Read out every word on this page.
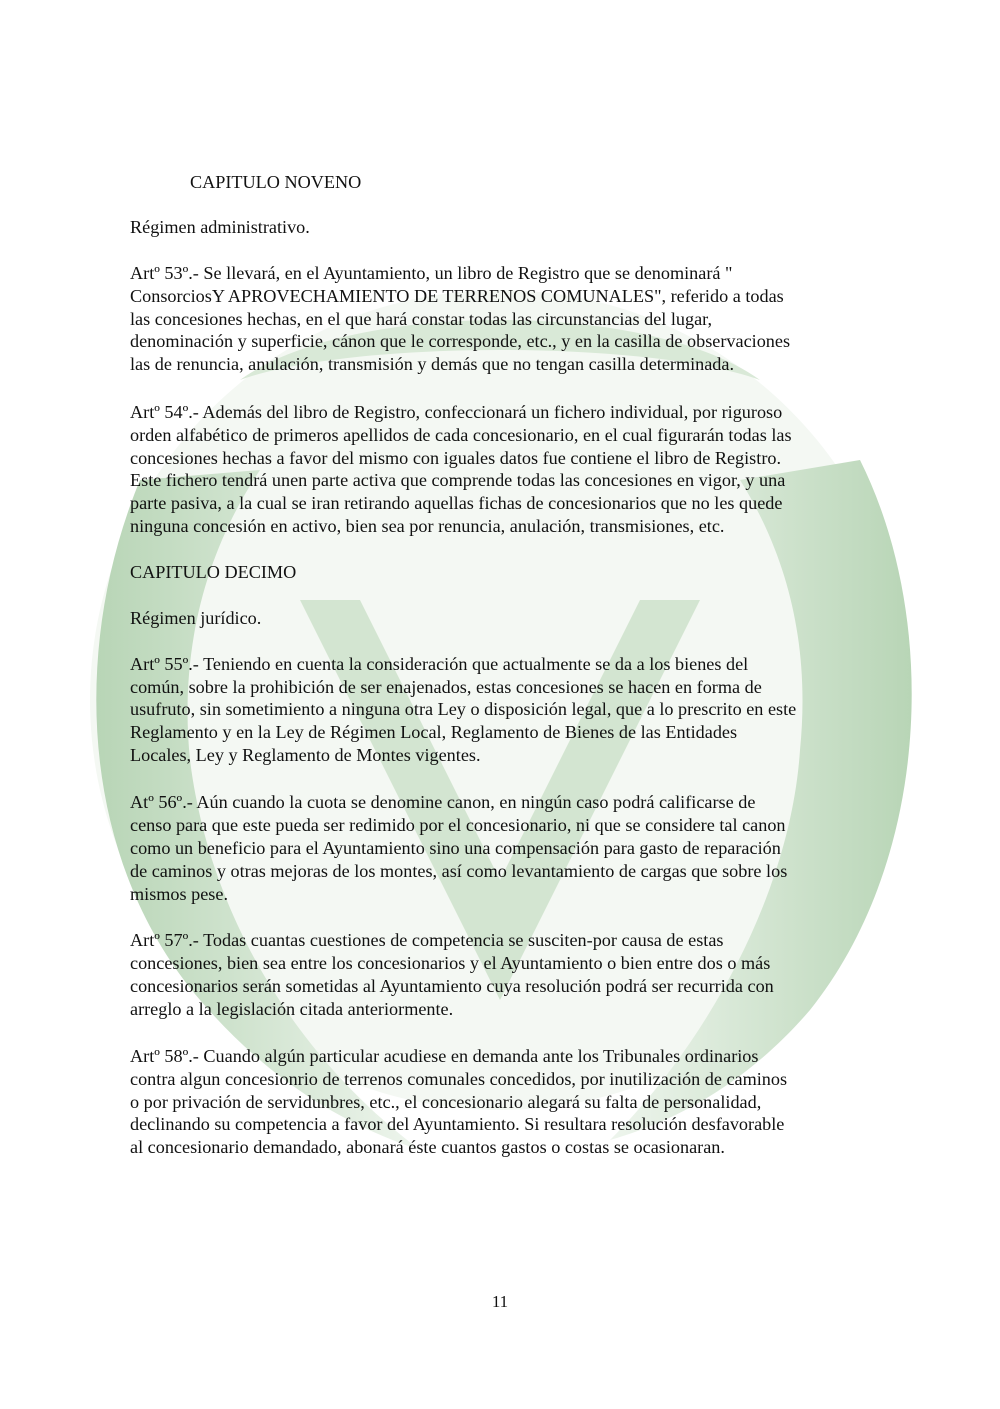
CAPITULO NOVENO
Régimen administrativo.
Artº 53º.- Se llevará, en el Ayuntamiento, un libro de Registro que se denominará "
ConsorciosY APROVECHAMIENTO DE TERRENOS COMUNALES", referido a todas
las concesiones hechas, en el que hará constar todas las circunstancias del lugar,
denominación y superficie, cánon que le corresponde, etc., y en la casilla de observaciones
las de renuncia, anulación, transmisión y demás que no tengan casilla determinada.
Artº 54º.- Además del libro de Registro, confeccionará un fichero individual, por riguroso
orden alfabético de primeros apellidos de cada concesionario, en el cual figurarán todas las
concesiones hechas a favor del mismo con iguales datos fue contiene el libro de Registro.
Este fichero tendrá unen parte activa que comprende todas las concesiones en vigor, y una
parte pasiva, a la cual se iran retirando aquellas fichas de concesionarios que no les quede
ninguna concesión en activo, bien sea por renuncia, anulación, transmisiones, etc.
CAPITULO DECIMO
Régimen jurídico.
Artº 55º.- Teniendo en cuenta la consideración que actualmente se da a los bienes del
común, sobre la prohibición de ser enajenados, estas concesiones se hacen en forma de
usufruto, sin sometimiento a ninguna otra Ley o disposición legal, que a lo prescrito en este
Reglamento y en la Ley de Régimen Local, Reglamento de Bienes de las Entidades
Locales, Ley y Reglamento de Montes vigentes.
Atº 56º.- Aún cuando la cuota se denomine canon, en ningún caso podrá calificarse de
censo para que este pueda ser redimido por el concesionario, ni que se considere tal canon
como un beneficio para el Ayuntamiento sino una compensación para gasto de reparación
de caminos y otras mejoras de los montes, así como levantamiento de cargas que sobre los
mismos pese.
Artº 57º.- Todas cuantas cuestiones de competencia se susciten-por causa de estas
concesiones, bien sea entre los concesionarios y el Ayuntamiento o bien entre dos o más
concesionarios serán sometidas al Ayuntamiento cuya resolución podrá ser recurrida con
arreglo a la legislación citada anteriormente.
Artº 58º.- Cuando algún particular acudiese en demanda ante los Tribunales ordinarios
contra algun concesionrio de terrenos comunales concedidos, por inutilización de caminos
o por privación de servidunbres, etc., el concesionario alegará su falta de personalidad,
declinando su competencia a favor del Ayuntamiento. Si resultara resolución desfavorable
al concesionario demandado, abonará éste cuantos gastos o costas se ocasionaran.
11
